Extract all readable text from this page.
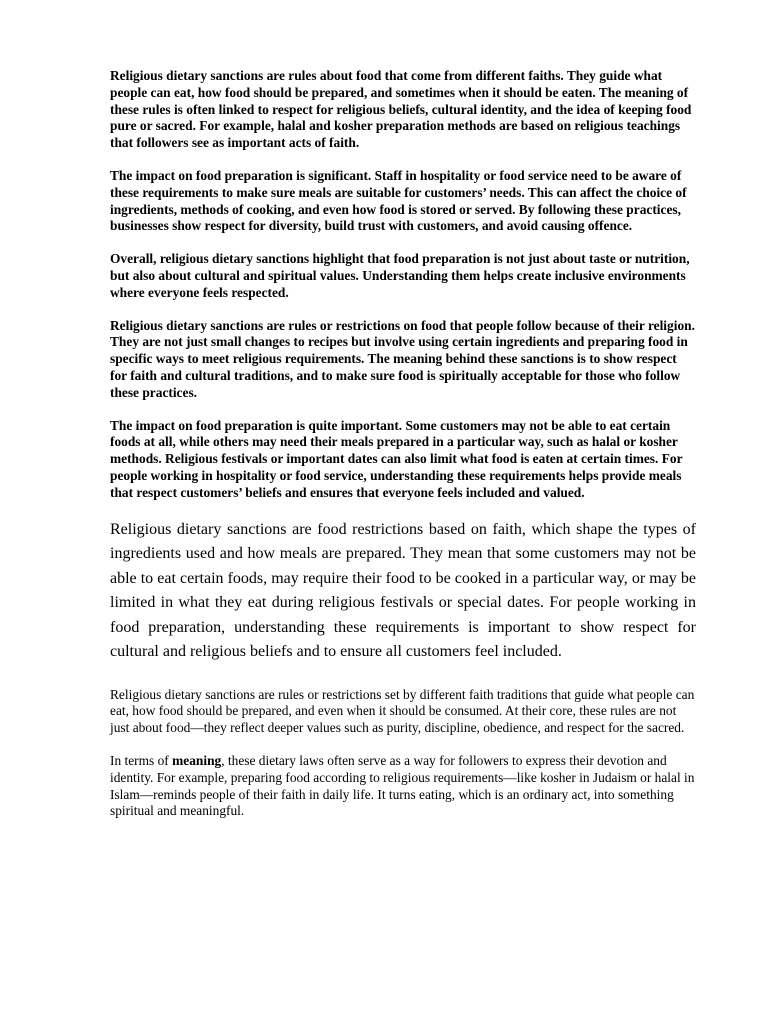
Religious dietary sanctions are rules about food that come from different faiths. They guide what people can eat, how food should be prepared, and sometimes when it should be eaten. The meaning of these rules is often linked to respect for religious beliefs, cultural identity, and the idea of keeping food pure or sacred. For example, halal and kosher preparation methods are based on religious teachings that followers see as important acts of faith.

The impact on food preparation is significant. Staff in hospitality or food service need to be aware of these requirements to make sure meals are suitable for customers’ needs. This can affect the choice of ingredients, methods of cooking, and even how food is stored or served. By following these practices, businesses show respect for diversity, build trust with customers, and avoid causing offence.

Overall, religious dietary sanctions highlight that food preparation is not just about taste or nutrition, but also about cultural and spiritual values. Understanding them helps create inclusive environments where everyone feels respected.

Religious dietary sanctions are rules or restrictions on food that people follow because of their religion. They are not just small changes to recipes but involve using certain ingredients and preparing food in specific ways to meet religious requirements. The meaning behind these sanctions is to show respect for faith and cultural traditions, and to make sure food is spiritually acceptable for those who follow these practices.

The impact on food preparation is quite important. Some customers may not be able to eat certain foods at all, while others may need their meals prepared in a particular way, such as halal or kosher methods. Religious festivals or important dates can also limit what food is eaten at certain times. For people working in hospitality or food service, understanding these requirements helps provide meals that respect customers’ beliefs and ensures that everyone feels included and valued.

Religious dietary sanctions are food restrictions based on faith, which shape the types of ingredients used and how meals are prepared. They mean that some customers may not be able to eat certain foods, may require their food to be cooked in a particular way, or may be limited in what they eat during religious festivals or special dates. For people working in food preparation, understanding these requirements is important to show respect for cultural and religious beliefs and to ensure all customers feel included.

Religious dietary sanctions are rules or restrictions set by different faith traditions that guide what people can eat, how food should be prepared, and even when it should be consumed. At their core, these rules are not just about food—they reflect deeper values such as purity, discipline, obedience, and respect for the sacred.

In terms of meaning, these dietary laws often serve as a way for followers to express their devotion and identity. For example, preparing food according to religious requirements—like kosher in Judaism or halal in Islam—reminds people of their faith in daily life. It turns eating, which is an ordinary act, into something spiritual and meaningful.
